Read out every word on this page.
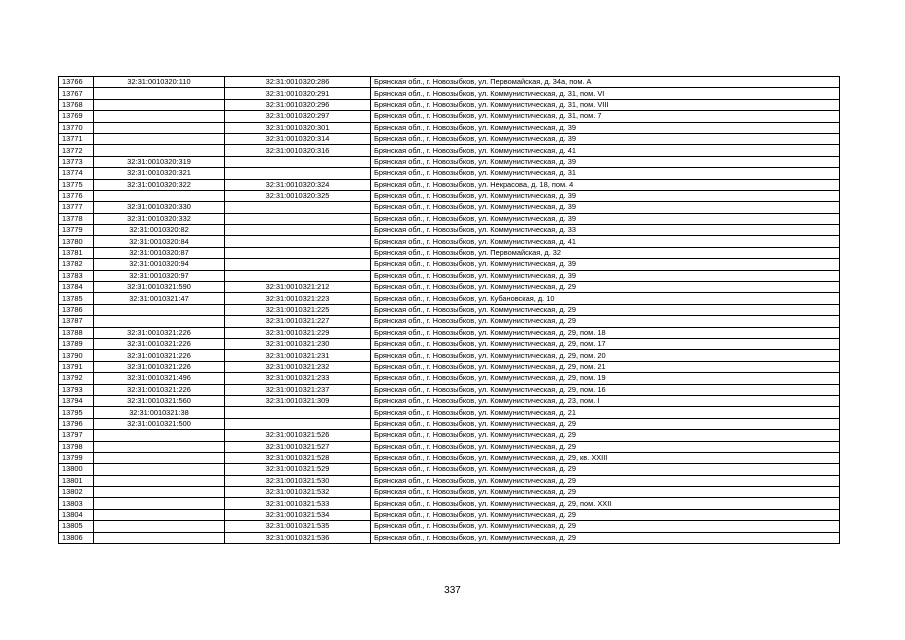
13766	32:31:0010320:110	32:31:0010320:286	Брянская обл., г. Новозыбков, ул. Первомайская, д. 34а, пом. А
13767		32:31:0010320:291	Брянская обл., г. Новозыбков, ул. Коммунистическая, д. 31, пом. VI
13768		32:31:0010320:296	Брянская обл., г. Новозыбков, ул. Коммунистическая, д. 31, пом. VIII
13769		32:31:0010320:297	Брянская обл., г. Новозыбков, ул. Коммунистическая, д. 31, пом. 7
13770		32:31:0010320:301	Брянская обл., г. Новозыбков, ул. Коммунистическая, д. 39
13771		32:31:0010320:314	Брянская обл., г. Новозыбков, ул. Коммунистическая, д. 39
13772		32:31:0010320:316	Брянская обл., г. Новозыбков, ул. Коммунистическая, д. 41
13773	32:31:0010320:319		Брянская обл., г. Новозыбков, ул. Коммунистическая, д. 39
13774	32:31:0010320:321		Брянская обл., г. Новозыбков, ул. Коммунистическая, д. 31
13775	32:31:0010320:322	32:31:0010320:324	Брянская обл., г. Новозыбков, ул. Некрасова, д. 18, пом. 4
13776		32:31:0010320:325	Брянская обл., г. Новозыбков, ул. Коммунистическая, д. 39
13777	32:31:0010320:330		Брянская обл., г. Новозыбков, ул. Коммунистическая, д. 39
13778	32:31:0010320:332		Брянская обл., г. Новозыбков, ул. Коммунистическая, д. 39
13779	32:31:0010320:82		Брянская обл., г. Новозыбков, ул. Коммунистическая, д. 33
13780	32:31:0010320:84		Брянская обл., г. Новозыбков, ул. Коммунистическая, д. 41
13781	32:31:0010320:87		Брянская обл., г. Новозыбков, ул. Первомайская, д. 32
13782	32:31:0010320:94		Брянская обл., г. Новозыбков, ул. Коммунистическая, д. 39
13783	32:31:0010320:97		Брянская обл., г. Новозыбков, ул. Коммунистическая, д. 39
13784	32:31:0010321:590	32:31:0010321:212	Брянская обл., г. Новозыбков, ул. Коммунистическая, д. 29
13785	32:31:0010321:47	32:31:0010321:223	Брянская обл., г. Новозыбков, ул. Кубановская, д. 10
13786		32:31:0010321:225	Брянская обл., г. Новозыбков, ул. Коммунистическая, д. 29
13787		32:31:0010321:227	Брянская обл., г. Новозыбков, ул. Коммунистическая, д. 29
13788	32:31:0010321:226	32:31:0010321:229	Брянская обл., г. Новозыбков, ул. Коммунистическая, д. 29, пом. 18
13789	32:31:0010321:226	32:31:0010321:230	Брянская обл., г. Новозыбков, ул. Коммунистическая, д. 29, пом. 17
13790	32:31:0010321:226	32:31:0010321:231	Брянская обл., г. Новозыбков, ул. Коммунистическая, д. 29, пом. 20
13791	32:31:0010321:226	32:31:0010321:232	Брянская обл., г. Новозыбков, ул. Коммунистическая, д. 29, пом. 21
13792	32:31:0010321:496	32:31:0010321:233	Брянская обл., г. Новозыбков, ул. Коммунистическая, д. 29, пом. 19
13793	32:31:0010321:226	32:31:0010321:237	Брянская обл., г. Новозыбков, ул. Коммунистическая, д. 29, пом. 16
13794	32:31:0010321:560	32:31:0010321:309	Брянская обл., г. Новозыбков, ул. Коммунистическая, д. 23, пом. I
13795	32:31:0010321:38		Брянская обл., г. Новозыбков, ул. Коммунистическая, д. 21
13796	32:31:0010321:500		Брянская обл., г. Новозыбков, ул. Коммунистическая, д. 29
13797		32:31:0010321:526	Брянская обл., г. Новозыбков, ул. Коммунистическая, д. 29
13798		32:31:0010321:527	Брянская обл., г. Новозыбков, ул. Коммунистическая, д. 29
13799		32:31:0010321:528	Брянская обл., г. Новозыбков, ул. Коммунистическая, д. 29, кв. XXIII
13800		32:31:0010321:529	Брянская обл., г. Новозыбков, ул. Коммунистическая, д. 29
13801		32:31:0010321:530	Брянская обл., г. Новозыбков, ул. Коммунистическая, д. 29
13802		32:31:0010321:532	Брянская обл., г. Новозыбков, ул. Коммунистическая, д. 29
13803		32:31:0010321:533	Брянская обл., г. Новозыбков, ул. Коммунистическая, д. 29, пом. XXII
13804		32:31:0010321:534	Брянская обл., г. Новозыбков, ул. Коммунистическая, д. 29
13805		32:31:0010321:535	Брянская обл., г. Новозыбков, ул. Коммунистическая, д. 29
13806		32:31:0010321:536	Брянская обл., г. Новозыбков, ул. Коммунистическая, д. 29
337
